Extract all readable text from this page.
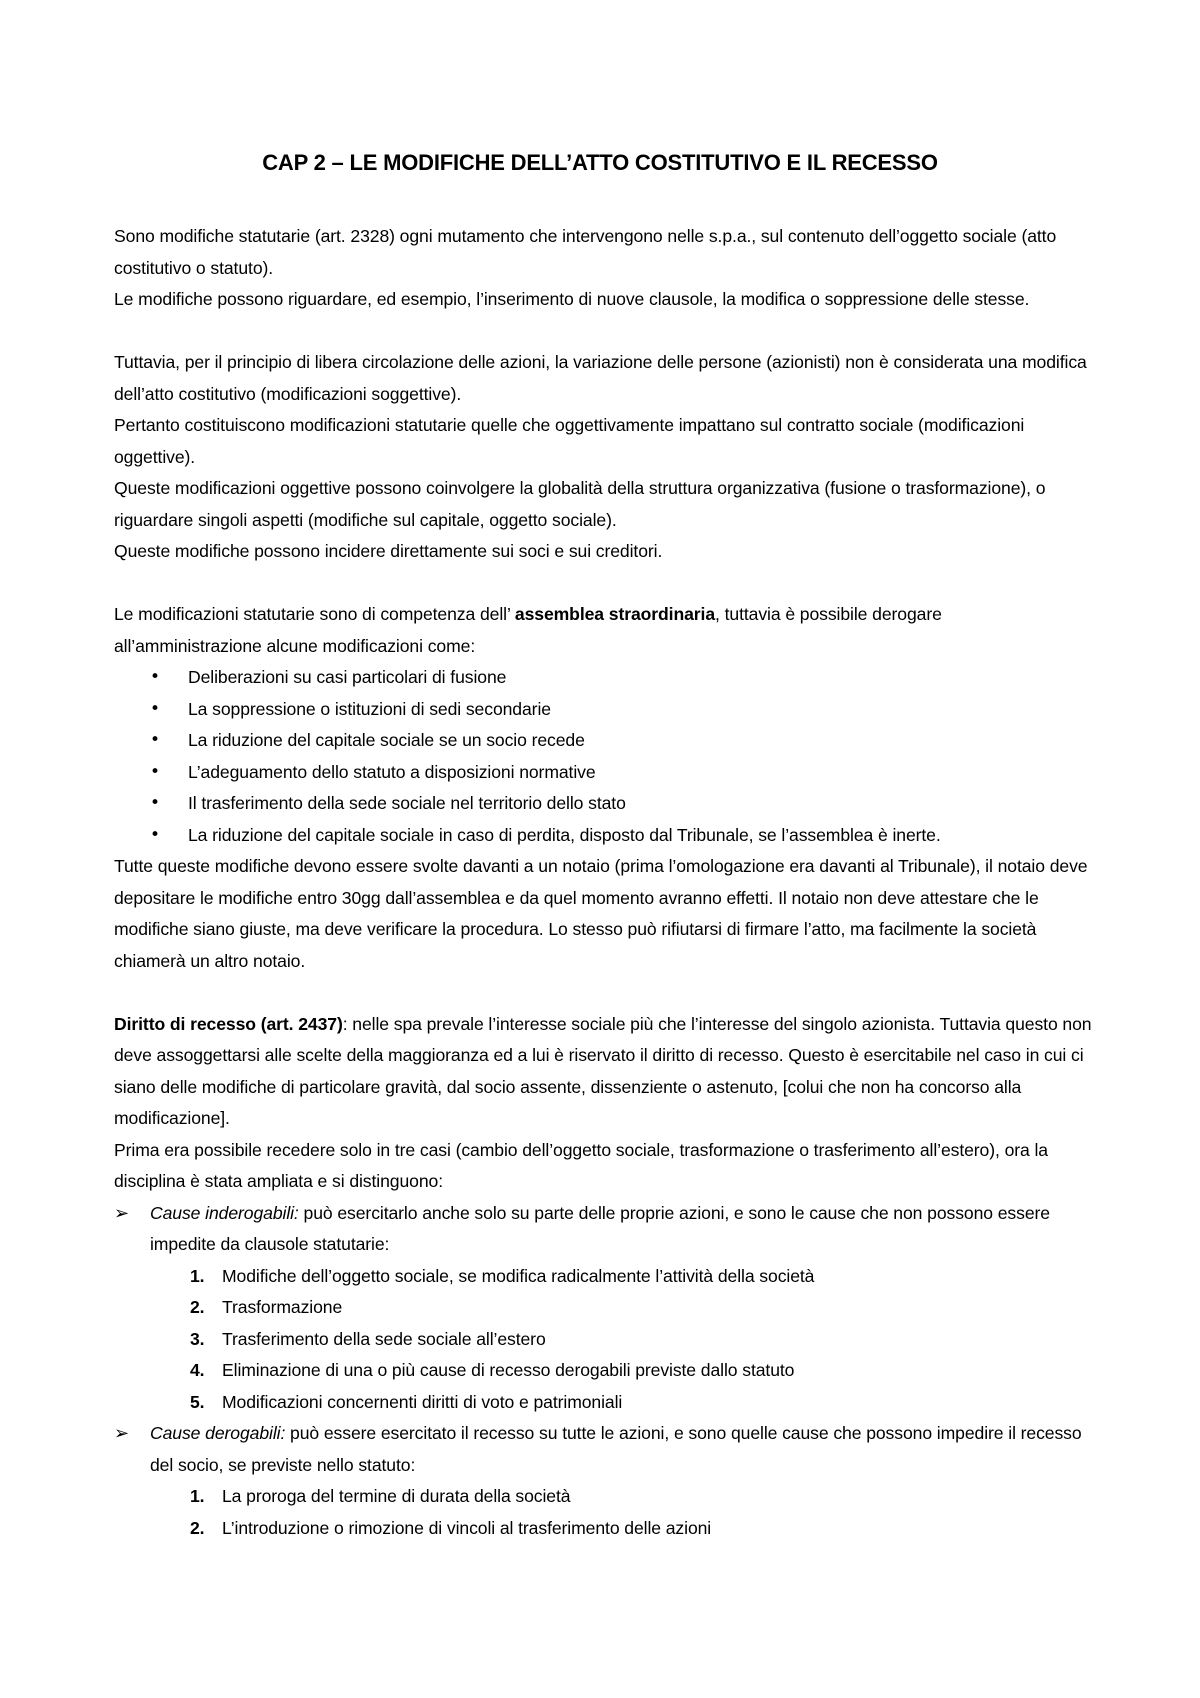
CAP 2 – LE MODIFICHE DELL’ATTO COSTITUTIVO E IL RECESSO

Sono modifiche statutarie (art. 2328) ogni mutamento che intervengono nelle s.p.a., sul contenuto dell’oggetto sociale (atto costitutivo o statuto).

Le modifiche possono riguardare, ed esempio, l’inserimento di nuove clausole, la modifica o soppressione delle stesse.

Tuttavia, per il principio di libera circolazione delle azioni, la variazione delle persone (azionisti) non è considerata una modifica dell’atto costitutivo (modificazioni soggettive).

Pertanto costituiscono modificazioni statutarie quelle che oggettivamente impattano sul contratto sociale (modificazioni oggettive).

Queste modificazioni oggettive possono coinvolgere la globalità della struttura organizzativa (fusione o trasformazione), o riguardare singoli aspetti (modifiche sul capitale, oggetto sociale).

Queste modifiche possono incidere direttamente sui soci e sui creditori.

Le modificazioni statutarie sono di competenza dell’ assemblea straordinaria, tuttavia è possibile derogare all’amministrazione alcune modificazioni come:

• Deliberazioni su casi particolari di fusione
• La soppressione o istituzioni di sedi secondarie
• La riduzione del capitale sociale se un socio recede
• L’adeguamento dello statuto a disposizioni normative
• Il trasferimento della sede sociale nel territorio dello stato
• La riduzione del capitale sociale in caso di perdita, disposto dal Tribunale, se l’assemblea è inerte.

Tutte queste modifiche devono essere svolte davanti a un notaio (prima l’omologazione era davanti al Tribunale), il notaio deve depositare le modifiche entro 30gg dall’assemblea e da quel momento avranno effetti. Il notaio non deve attestare che le modifiche siano giuste, ma deve verificare la procedura. Lo stesso può rifiutarsi di firmare l’atto, ma facilmente la società chiamerà un altro notaio.

Diritto di recesso (art. 2437): nelle spa prevale l’interesse sociale più che l’interesse del singolo azionista. Tuttavia questo non deve assoggettarsi alle scelte della maggioranza ed a lui è riservato il diritto di recesso. Questo è esercitabile nel caso in cui ci siano delle modifiche di particolare gravità, dal socio assente, dissenziente o astenuto, [colui che non ha concorso alla modificazione].

Prima era possibile recedere solo in tre casi (cambio dell’oggetto sociale, trasformazione o trasferimento all’estero), ora la disciplina è stata ampliata e si distinguono:

➢ Cause inderogabili: può esercitarlo anche solo su parte delle proprie azioni, e sono le cause che non possono essere impedite da clausole statutarie:
1. Modifiche dell’oggetto sociale, se modifica radicalmente l’attività della società
2. Trasformazione
3. Trasferimento della sede sociale all’estero
4. Eliminazione di una o più cause di recesso derogabili previste dallo statuto
5. Modificazioni concernenti diritti di voto e patrimoniali
➢ Cause derogabili: può essere esercitato il recesso su tutte le azioni, e sono quelle cause che possono impedire il recesso del socio, se previste nello statuto:
1. La proroga del termine di durata della società
2. L’introduzione o rimozione di vincoli al trasferimento delle azioni
